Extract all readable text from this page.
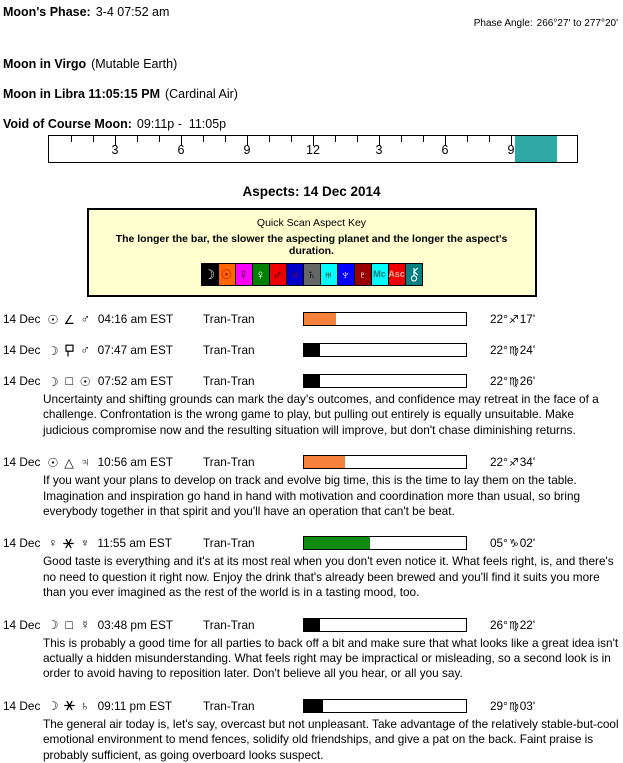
Moon's Phase: 3-4 07:52 am

Phase Angle: 266°27' to 277°20'

Moon in Virgo (Mutable Earth)
Moon in Libra 11:05:15 PM (Cardinal Air)
Void of Course Moon: 09:11p -  11:05p
3	6	9	12	3	6	9
Aspects: 14 Dec 2014
Quick Scan Aspect Key
The longer the bar, the slower the aspecting planet and the longer the aspect's duration.
☽ ☉ ☿ ♀ ♂ ♃ ♄ ♅ ♆ ♇ Mc Asc
14 Dec ☉ ∠ ♂ 04:16 am EST	Tran-Tran	22°♐17'
14 Dec ☽ ♂ 07:47 am EST	Tran-Tran	22°♍24'
14 Dec ☽ □ ☉ 07:52 am EST	Tran-Tran	22°♍26'
Uncertainty and shifting grounds can mark the day's outcomes, and confidence may retreat in the face of a challenge. Confrontation is the wrong game to play, but pulling out entirely is equally unsuitable. Make judicious compromise now and the resulting situation will improve, but don't chase diminishing returns.
14 Dec ☉ △ ♃ 10:56 am EST	Tran-Tran	22°♐34'
If you want your plans to develop on track and evolve big time, this is the time to lay them on the table. Imagination and inspiration go hand in hand with motivation and coordination more than usual, so bring everybody together in that spirit and you'll have an operation that can't be beat.
14 Dec ♀ ♆ 11:55 am EST	Tran-Tran	05°♑02'
Good taste is everything and it's at its most real when you don't even notice it. What feels right, is, and there's no need to question it right now. Enjoy the drink that's already been brewed and you'll find it suits you more than you ever imagined as the rest of the world is in a tasting mood, too.
14 Dec ☽ □ ☿ 03:48 pm EST	Tran-Tran	26°♍22'
This is probably a good time for all parties to back off a bit and make sure that what looks like a great idea isn't actually a hidden misunderstanding. What feels right may be impractical or misleading, so a second look is in order to avoid having to reposition later. Don't believe all you hear, or all you say.
14 Dec ☽ ♄ 09:11 pm EST	Tran-Tran	29°♍03'
The general air today is, let's say, overcast but not unpleasant. Take advantage of the relatively stable-but-cool emotional environment to mend fences, solidify old friendships, and give a pat on the back. Faint praise is probably sufficient, as going overboard looks suspect.
